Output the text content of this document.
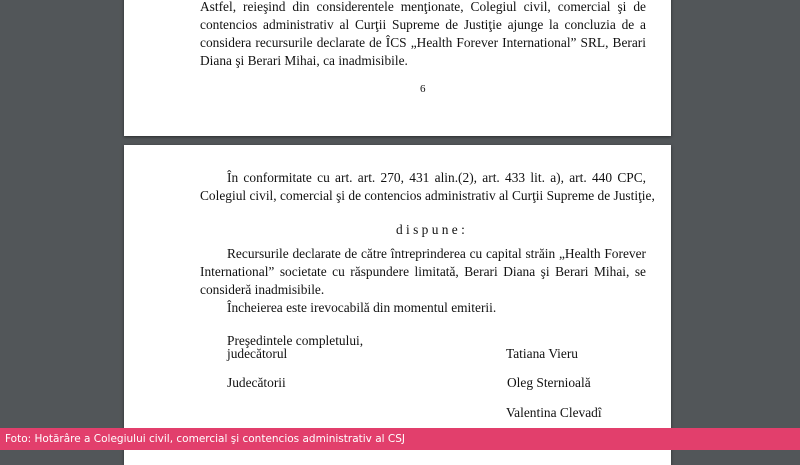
Astfel, reieşind din considerentele menţionate, Colegiul civil, comercial şi de
contencios administrativ al Curţii Supreme de Justiţie ajunge la concluzia de a
considera recursurile declarate de ÎCS „Health Forever International” SRL, Berari
Diana şi Berari Mihai, ca inadmisibile.
6
În conformitate cu art. art. 270, 431 alin.(2), art. 433 lit. a), art. 440 CPC,
Colegiul civil, comercial şi de contencios administrativ al Curţii Supreme de Justiţie,
d i s p u n e :
Recursurile declarate de către întreprinderea cu capital străin „Health Forever
International” societate cu răspundere limitată, Berari Diana şi Berari Mihai, se
consideră inadmisibile.
Încheierea este irevocabilă din momentul emiterii.
Preşedintele completului,
judecătorul	Tatiana Vieru
Judecătorii	Oleg Sternioală
Valentina Clevadî
Foto: Hotărâre a Colegiului civil, comercial şi contencios administrativ al CSJ
